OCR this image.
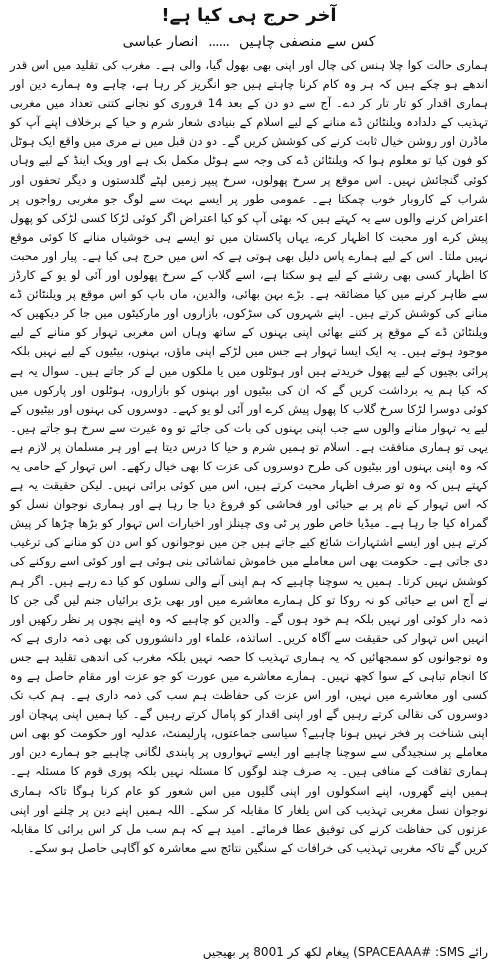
آخر حرج ہی کیا ہے!
کس سے منصفی چاہیں
......
انصار عباسی

ہماری حالت کوا چلا ہنس کی چال اور اپنی بھی بھول گیا، والی ہے۔ مغرب کی تقلید میں اس قدر اندھے ہو چکے ہیں کہ ہر وہ کام کرنا چاہتے ہیں جو انگریز کر رہا ہے، چاہے وہ ہمارے دین اور ہماری اقدار کو تار تار کر دے۔ آج سے دو دن کے بعد 14 فروری کو نجانے کتنی تعداد میں مغربی تہذیب کے دلدادہ ویلنٹائن ڈے منانے کے لیے اسلام کے بنیادی شعار شرم و حیا کے برخلاف اپنے آپ کو ماڈرن اور روشن خیال ثابت کرنے کی کوشش کریں گے۔ دو دن قبل میں نے مری میں واقع ایک ہوٹل کو فون کیا تو معلوم ہوا کہ ویلنٹائن ڈے کی وجہ سے ہوٹل مکمل بک ہے اور ویک اینڈ کے لیے وہاں کوئی گنجائش نہیں۔ اس موقع پر سرخ پھولوں، سرخ پیپر زمیں لپٹے گلدستوں و دیگر تحفوں اور شراب کے کاروبار خوب چمکتا ہے۔ عمومی طور پر ایسے بہت سے لوگ جو مغربی رواجوں پر اعتراض کرنے والوں سے یہ کہتے ہیں کہ بھئی آپ کو کیا اعتراض اگر کوئی لڑکا کسی لڑکی کو پھول پیش کرے اور محبت کا اظہار کرے، یہاں پاکستان میں تو ایسے ہی خوشیاں منانے کا کوئی موقع نہیں ملتا۔ اس کے لیے ہمارے پاس دلیل بھی ہوتی ہے کہ اس میں حرج ہی کیا ہے۔ پیار اور محبت کا اظہار کسی بھی رشتے کے لیے ہو سکتا ہے، اسے گلاب کے سرخ پھولوں اور آئی لو یو کے کارڈز سے ظاہر کرنے میں کیا مضائقہ ہے۔ بڑے بہن بھائی، والدین، ماں باپ کو اس موقع پر ویلنٹائن ڈے منانے کی کوشش کرتے ہیں۔ اپنے شہروں کی سڑکوں، بازاروں اور مارکیٹوں میں جا کر دیکھیں کہ ویلنٹائن ڈے کے موقع پر کتنے بھائی اپنی بہنوں کے ساتھ وہاں اس مغربی تہوار کو منانے کے لیے موجود ہوتے ہیں۔ یہ ایک ایسا تہوار ہے جس میں لڑکے اپنی ماؤں، بہنوں، بیٹیوں کے لیے نہیں بلکہ پرائی بچیوں کے لیے پھول خریدتے ہیں اور ہوٹلوں میں یا ملکوں میں لے کر جاتے ہیں۔ سوال یہ ہے کہ کیا ہم یہ برداشت کریں گے کہ ان کی بیٹیوں اور بہنوں کو بازاروں، ہوٹلوں اور پارکوں میں کوئی دوسرا لڑکا سرخ گلاب کا پھول پیش کرے اور آئی لو یو کہے۔ دوسروں کی بہنوں اور بیٹیوں کے لیے یہ تہوار منانے والوں سے جب اپنی بہنوں کی بات کی جائے تو وہ غیرت سے سرخ ہو جاتے ہیں۔ یہی تو ہماری منافقت ہے۔ اسلام تو ہمیں شرم و حیا کا درس دیتا ہے اور ہر مسلمان پر لازم ہے کہ وہ اپنی بہنوں اور بیٹیوں کی طرح دوسروں کی عزت کا بھی خیال رکھے۔ اس تہوار کے حامی یہ کہتے ہیں کہ وہ تو صرف اظہار محبت کرتے ہیں، اس میں کوئی برائی نہیں۔ لیکن حقیقت یہ ہے کہ اس تہوار کے نام پر بے حیائی اور فحاشی کو فروغ دیا جا رہا ہے اور ہماری نوجوان نسل کو گمراہ کیا جا رہا ہے۔ میڈیا خاص طور پر ٹی وی چینلز اور اخبارات اس تہوار کو بڑھا چڑھا کر پیش کرتے ہیں اور ایسے اشتہارات شائع کیے جاتے ہیں جن میں نوجوانوں کو اس دن کو منانے کی ترغیب دی جاتی ہے۔ حکومت بھی اس معاملے میں خاموش تماشائی بنی ہوئی ہے اور کوئی اسے روکنے کی کوشش نہیں کرتا۔ ہمیں یہ سوچنا چاہیے کہ ہم اپنی آنے والی نسلوں کو کیا دے رہے ہیں۔ اگر ہم نے آج اس بے حیائی کو نہ روکا تو کل ہمارے معاشرے میں اور بھی بڑی برائیاں جنم لیں گی جن کا ذمہ دار کوئی اور نہیں بلکہ ہم خود ہوں گے۔ والدین کو چاہیے کہ وہ اپنے بچوں پر نظر رکھیں اور انہیں اس تہوار کی حقیقت سے آگاہ کریں۔ اساتذہ، علماء اور دانشوروں کی بھی ذمہ داری ہے کہ وہ نوجوانوں کو سمجھائیں کہ یہ ہماری تہذیب کا حصہ نہیں بلکہ مغرب کی اندھی تقلید ہے جس کا انجام تباہی کے سوا کچھ نہیں۔ ہمارے معاشرے میں عورت کو جو عزت اور مقام حاصل ہے وہ کسی اور معاشرے میں نہیں، اور اس عزت کی حفاظت ہم سب کی ذمہ داری ہے۔ ہم کب تک دوسروں کی نقالی کرتے رہیں گے اور اپنی اقدار کو پامال کرتے رہیں گے۔ کیا ہمیں اپنی پہچان اور اپنی شناخت پر فخر نہیں ہونا چاہیے؟ سیاسی جماعتوں، پارلیمنٹ، عدلیہ اور حکومت کو بھی اس معاملے پر سنجیدگی سے سوچنا چاہیے اور ایسے تہواروں پر پابندی لگانی چاہیے جو ہمارے دین اور ہماری ثقافت کے منافی ہیں۔ یہ صرف چند لوگوں کا مسئلہ نہیں بلکہ پوری قوم کا مسئلہ ہے۔ ہمیں اپنے گھروں، اپنے اسکولوں اور اپنی گلیوں میں اس شعور کو عام کرنا ہوگا تاکہ ہماری نوجوان نسل مغربی تہذیب کی اس یلغار کا مقابلہ کر سکے۔ اللہ ہمیں اپنے دین پر چلنے اور اپنی عزتوں کی حفاظت کرنے کی توفیق عطا فرمائے۔ امید ہے کہ ہم سب مل کر اس برائی کا مقابلہ کریں گے تاکہ مغربی تہذیب کی خرافات کے سنگین نتائج سے معاشرہ کو آگاہی حاصل ہو سکے۔

(SPACEAAA# :SMS رائے پیغام لکھ کر 8001 پر بھیجیں
